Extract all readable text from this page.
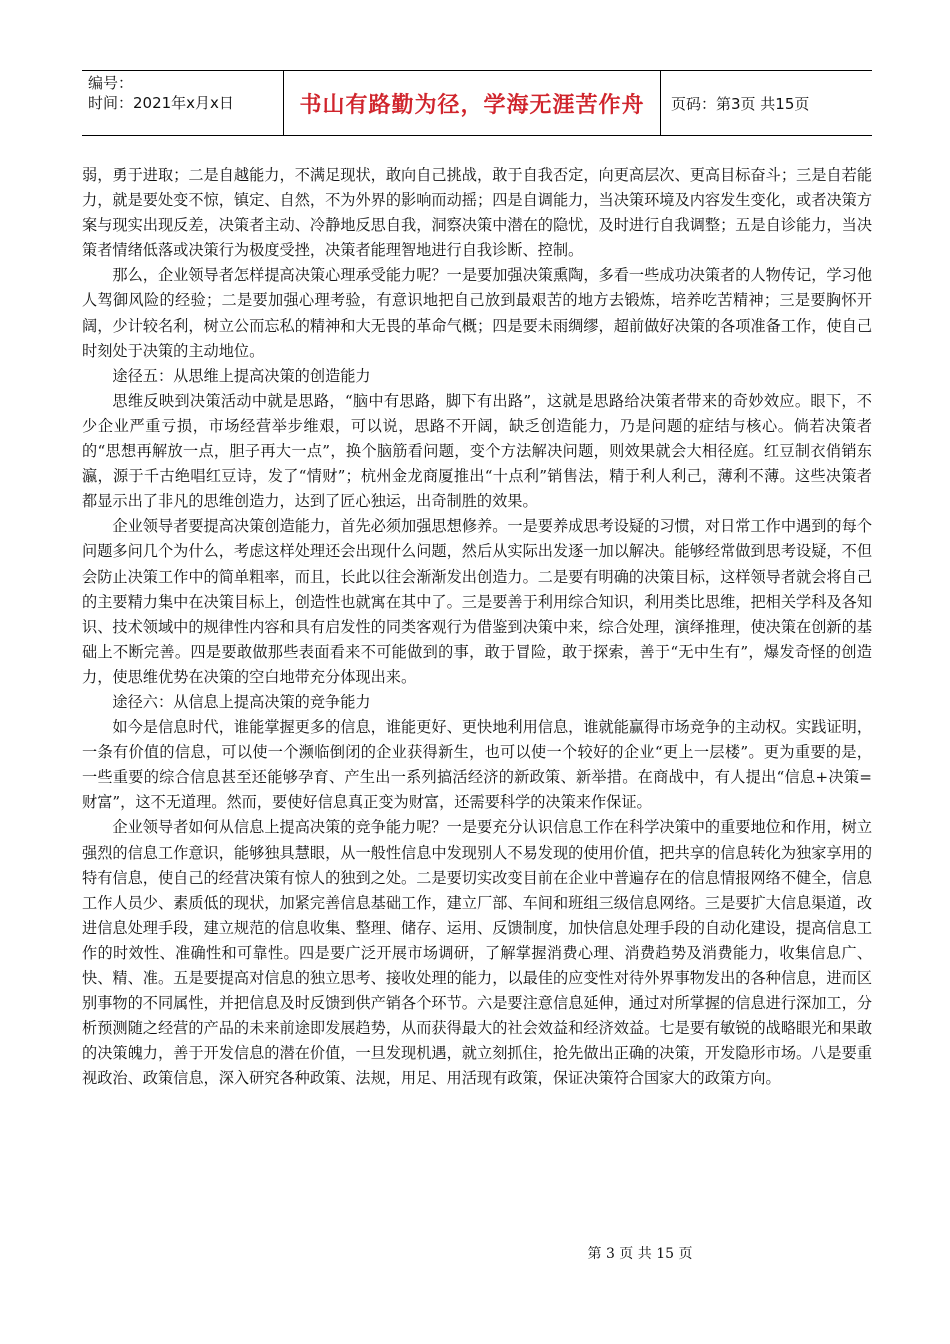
编号：
时间：2021年x月x日	书山有路勤为径，学海无涯苦作舟	页码：第3页 共15页

弱，勇于进取；二是自越能力，不满足现状，敢向自己挑战，敢于自我否定，向更高层次、更高目标奋斗；三是自若能力，就是要处变不惊，镇定、自然，不为外界的影响而动摇；四是自调能力，当决策环境及内容发生变化，或者决策方案与现实出现反差，决策者主动、冷静地反思自我，洞察决策中潜在的隐忧，及时进行自我调整；五是自诊能力，当决策者情绪低落或决策行为极度受挫，决策者能理智地进行自我诊断、控制。

那么，企业领导者怎样提高决策心理承受能力呢？一是要加强决策熏陶，多看一些成功决策者的人物传记，学习他人驾御风险的经验；二是要加强心理考验，有意识地把自己放到最艰苦的地方去锻炼，培养吃苦精神；三是要胸怀开阔，少计较名利，树立公而忘私的精神和大无畏的革命气概；四是要未雨绸缪，超前做好决策的各项准备工作，使自己时刻处于决策的主动地位。

途径五：从思维上提高决策的创造能力

思维反映到决策活动中就是思路，“脑中有思路，脚下有出路”，这就是思路给决策者带来的奇妙效应。眼下，不少企业严重亏损，市场经营举步维艰，可以说，思路不开阔，缺乏创造能力，乃是问题的症结与核心。倘若决策者的“思想再解放一点，胆子再大一点”，换个脑筋看问题，变个方法解决问题，则效果就会大相径庭。红豆制衣俏销东瀛，源于千古绝唱红豆诗，发了“情财”；杭州金龙商厦推出“十点利”销售法，精于利人利己，薄利不薄。这些决策者都显示出了非凡的思维创造力，达到了匠心独运，出奇制胜的效果。

企业领导者要提高决策创造能力，首先必须加强思想修养。一是要养成思考设疑的习惯，对日常工作中遇到的每个问题多问几个为什么，考虑这样处理还会出现什么问题，然后从实际出发逐一加以解决。能够经常做到思考设疑，不但会防止决策工作中的简单粗率，而且，长此以往会渐渐发出创造力。二是要有明确的决策目标，这样领导者就会将自己的主要精力集中在决策目标上，创造性也就寓在其中了。三是要善于利用综合知识，利用类比思维，把相关学科及各知识、技术领域中的规律性内容和具有启发性的同类客观行为借鉴到决策中来，综合处理，演绎推理，使决策在创新的基础上不断完善。四是要敢做那些表面看来不可能做到的事，敢于冒险，敢于探索，善于“无中生有”，爆发奇怪的创造力，使思维优势在决策的空白地带充分体现出来。

途径六：从信息上提高决策的竞争能力

如今是信息时代，谁能掌握更多的信息，谁能更好、更快地利用信息，谁就能赢得市场竞争的主动权。实践证明，一条有价值的信息，可以使一个濒临倒闭的企业获得新生，也可以使一个较好的企业“更上一层楼”。更为重要的是，一些重要的综合信息甚至还能够孕育、产生出一系列搞活经济的新政策、新举措。在商战中，有人提出“信息+决策=财富”，这不无道理。然而，要使好信息真正变为财富，还需要科学的决策来作保证。

企业领导者如何从信息上提高决策的竞争能力呢？一是要充分认识信息工作在科学决策中的重要地位和作用，树立强烈的信息工作意识，能够独具慧眼，从一般性信息中发现别人不易发现的使用价值，把共享的信息转化为独家享用的特有信息，使自己的经营决策有惊人的独到之处。二是要切实改变目前在企业中普遍存在的信息情报网络不健全，信息工作人员少、素质低的现状，加紧完善信息基础工作，建立厂部、车间和班组三级信息网络。三是要扩大信息渠道，改进信息处理手段，建立规范的信息收集、整理、储存、运用、反馈制度，加快信息处理手段的自动化建设，提高信息工作的时效性、准确性和可靠性。四是要广泛开展市场调研，了解掌握消费心理、消费趋势及消费能力，收集信息广、快、精、准。五是要提高对信息的独立思考、接收处理的能力，以最佳的应变性对待外界事物发出的各种信息，进而区别事物的不同属性，并把信息及时反馈到供产销各个环节。六是要注意信息延伸，通过对所掌握的信息进行深加工，分析预测随之经营的产品的未来前途即发展趋势，从而获得最大的社会效益和经济效益。七是要有敏锐的战略眼光和果敢的决策魄力，善于开发信息的潜在价值，一旦发现机遇，就立刻抓住，抢先做出正确的决策，开发隐形市场。八是要重视政治、政策信息，深入研究各种政策、法规，用足、用活现有政策，保证决策符合国家大的政策方向。

第 3 页 共 15 页
